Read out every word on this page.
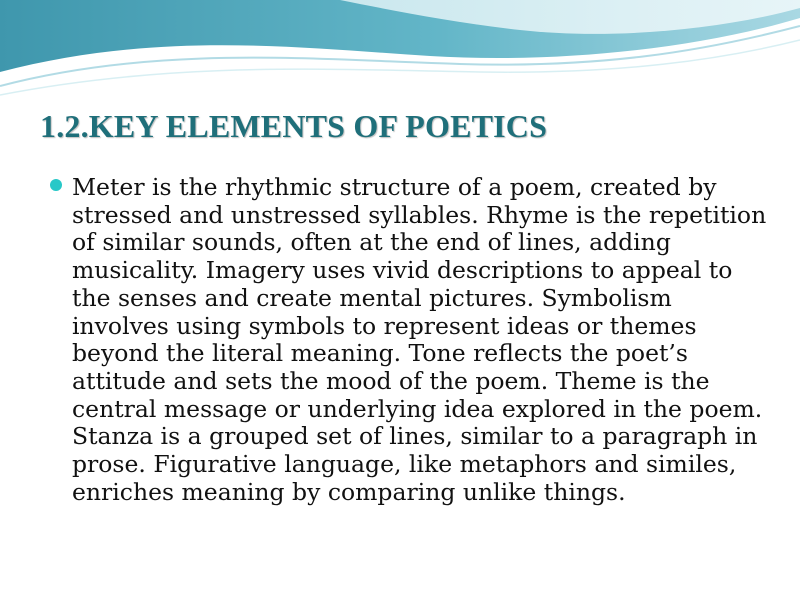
1.2.KEY ELEMENTS OF POETICS

Meter is the rhythmic structure of a poem, created by stressed and unstressed syllables. Rhyme is the repetition of similar sounds, often at the end of lines, adding musicality. Imagery uses vivid descriptions to appeal to the senses and create mental pictures. Symbolism involves using symbols to represent ideas or themes beyond the literal meaning. Tone reflects the poet’s attitude and sets the mood of the poem. Theme is the central message or underlying idea explored in the poem. Stanza is a grouped set of lines, similar to a paragraph in prose. Figurative language, like metaphors and similes, enriches meaning by comparing unlike things.
